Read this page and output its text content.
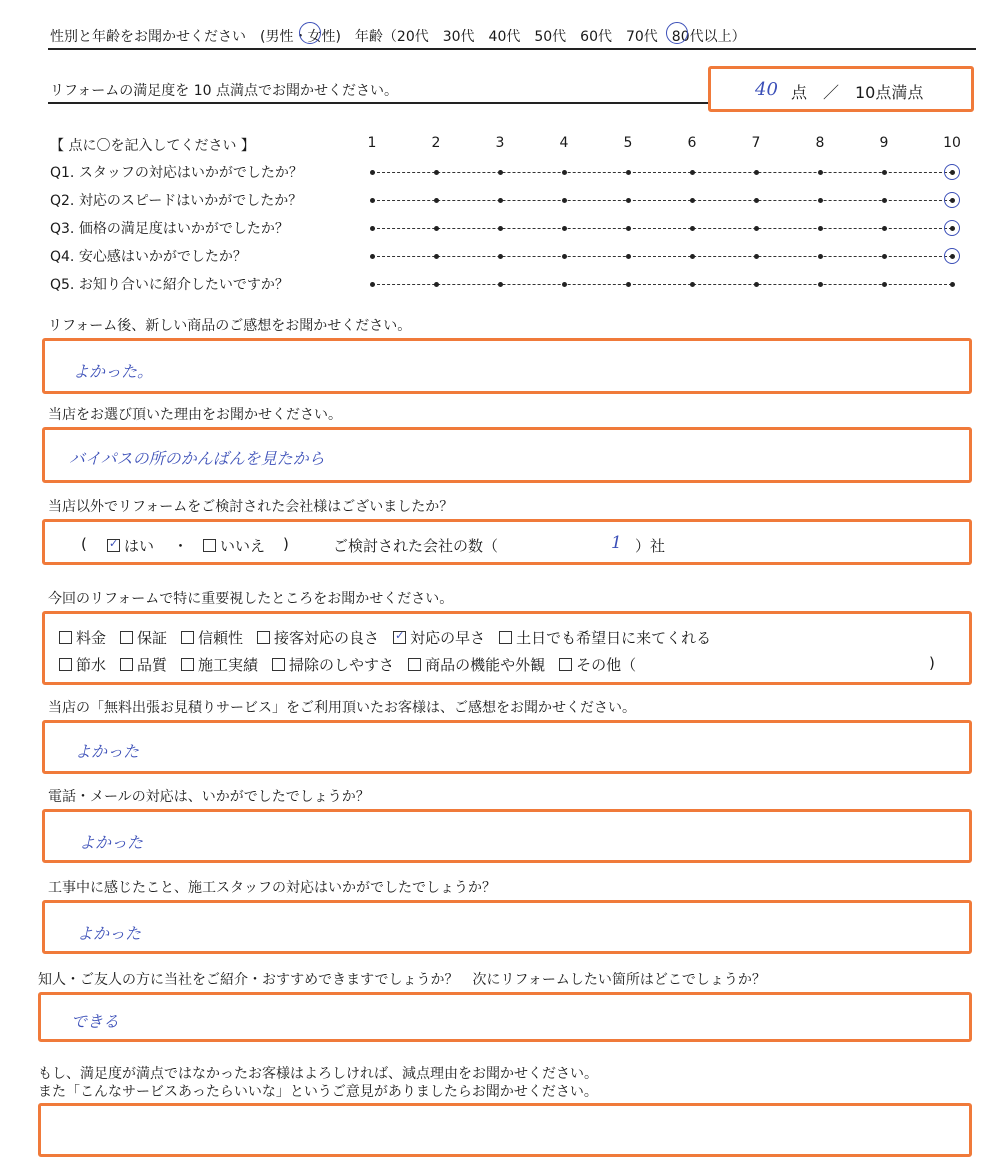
性別と年齢をお聞かせください　(男性・女性)　年齢（20代　30代　40代　50代　60代　70代　80代以上）
リフォームの満足度を 10 点満点でお聞かせください。	40 点　／　10点満点
【 点に〇を記入してください 】	1	2	3	4	5	6	7	8	9	10
Q1. スタッフの対応はいかがでしたか？
Q2. 対応のスピードはいかがでしたか？
Q3. 価格の満足度はいかがでしたか？
Q4. 安心感はいかがでしたか？
Q5. お知り合いに紹介したいですか？
リフォーム後、新しい商品のご感想をお聞かせください。
よかった。
当店をお選び頂いた理由をお聞かせください。
バイパスの所のかんばんを見たから
当店以外でリフォームをご検討された会社様はございましたか？
( ✓	はい ・	いいえ )	ご検討された会社の数（	1 ）社
今回のリフォームで特に重要視したところをお聞かせください。
料金 保証 信頼性 接客対応の良さ ✓ 対応の早さ 土日でも希望日に来てくれる
節水 品質 施工実績 掃除のしやすさ 商品の機能や外観 その他（	)
当店の「無料出張お見積りサービス」をご利用頂いたお客様は、ご感想をお聞かせください。
よかった
電話・メールの対応は、いかがでしたでしょうか？
よかった
工事中に感じたこと、施工スタッフの対応はいかがでしたでしょうか？
よかった
知人・ご友人の方に当社をご紹介・おすすめできますでしょうか？　次にリフォームしたい箇所はどこでしょうか？
できる
もし、満足度が満点ではなかったお客様はよろしければ、減点理由をお聞かせください。
また「こんなサービスあったらいいな」というご意見がありましたらお聞かせください。
